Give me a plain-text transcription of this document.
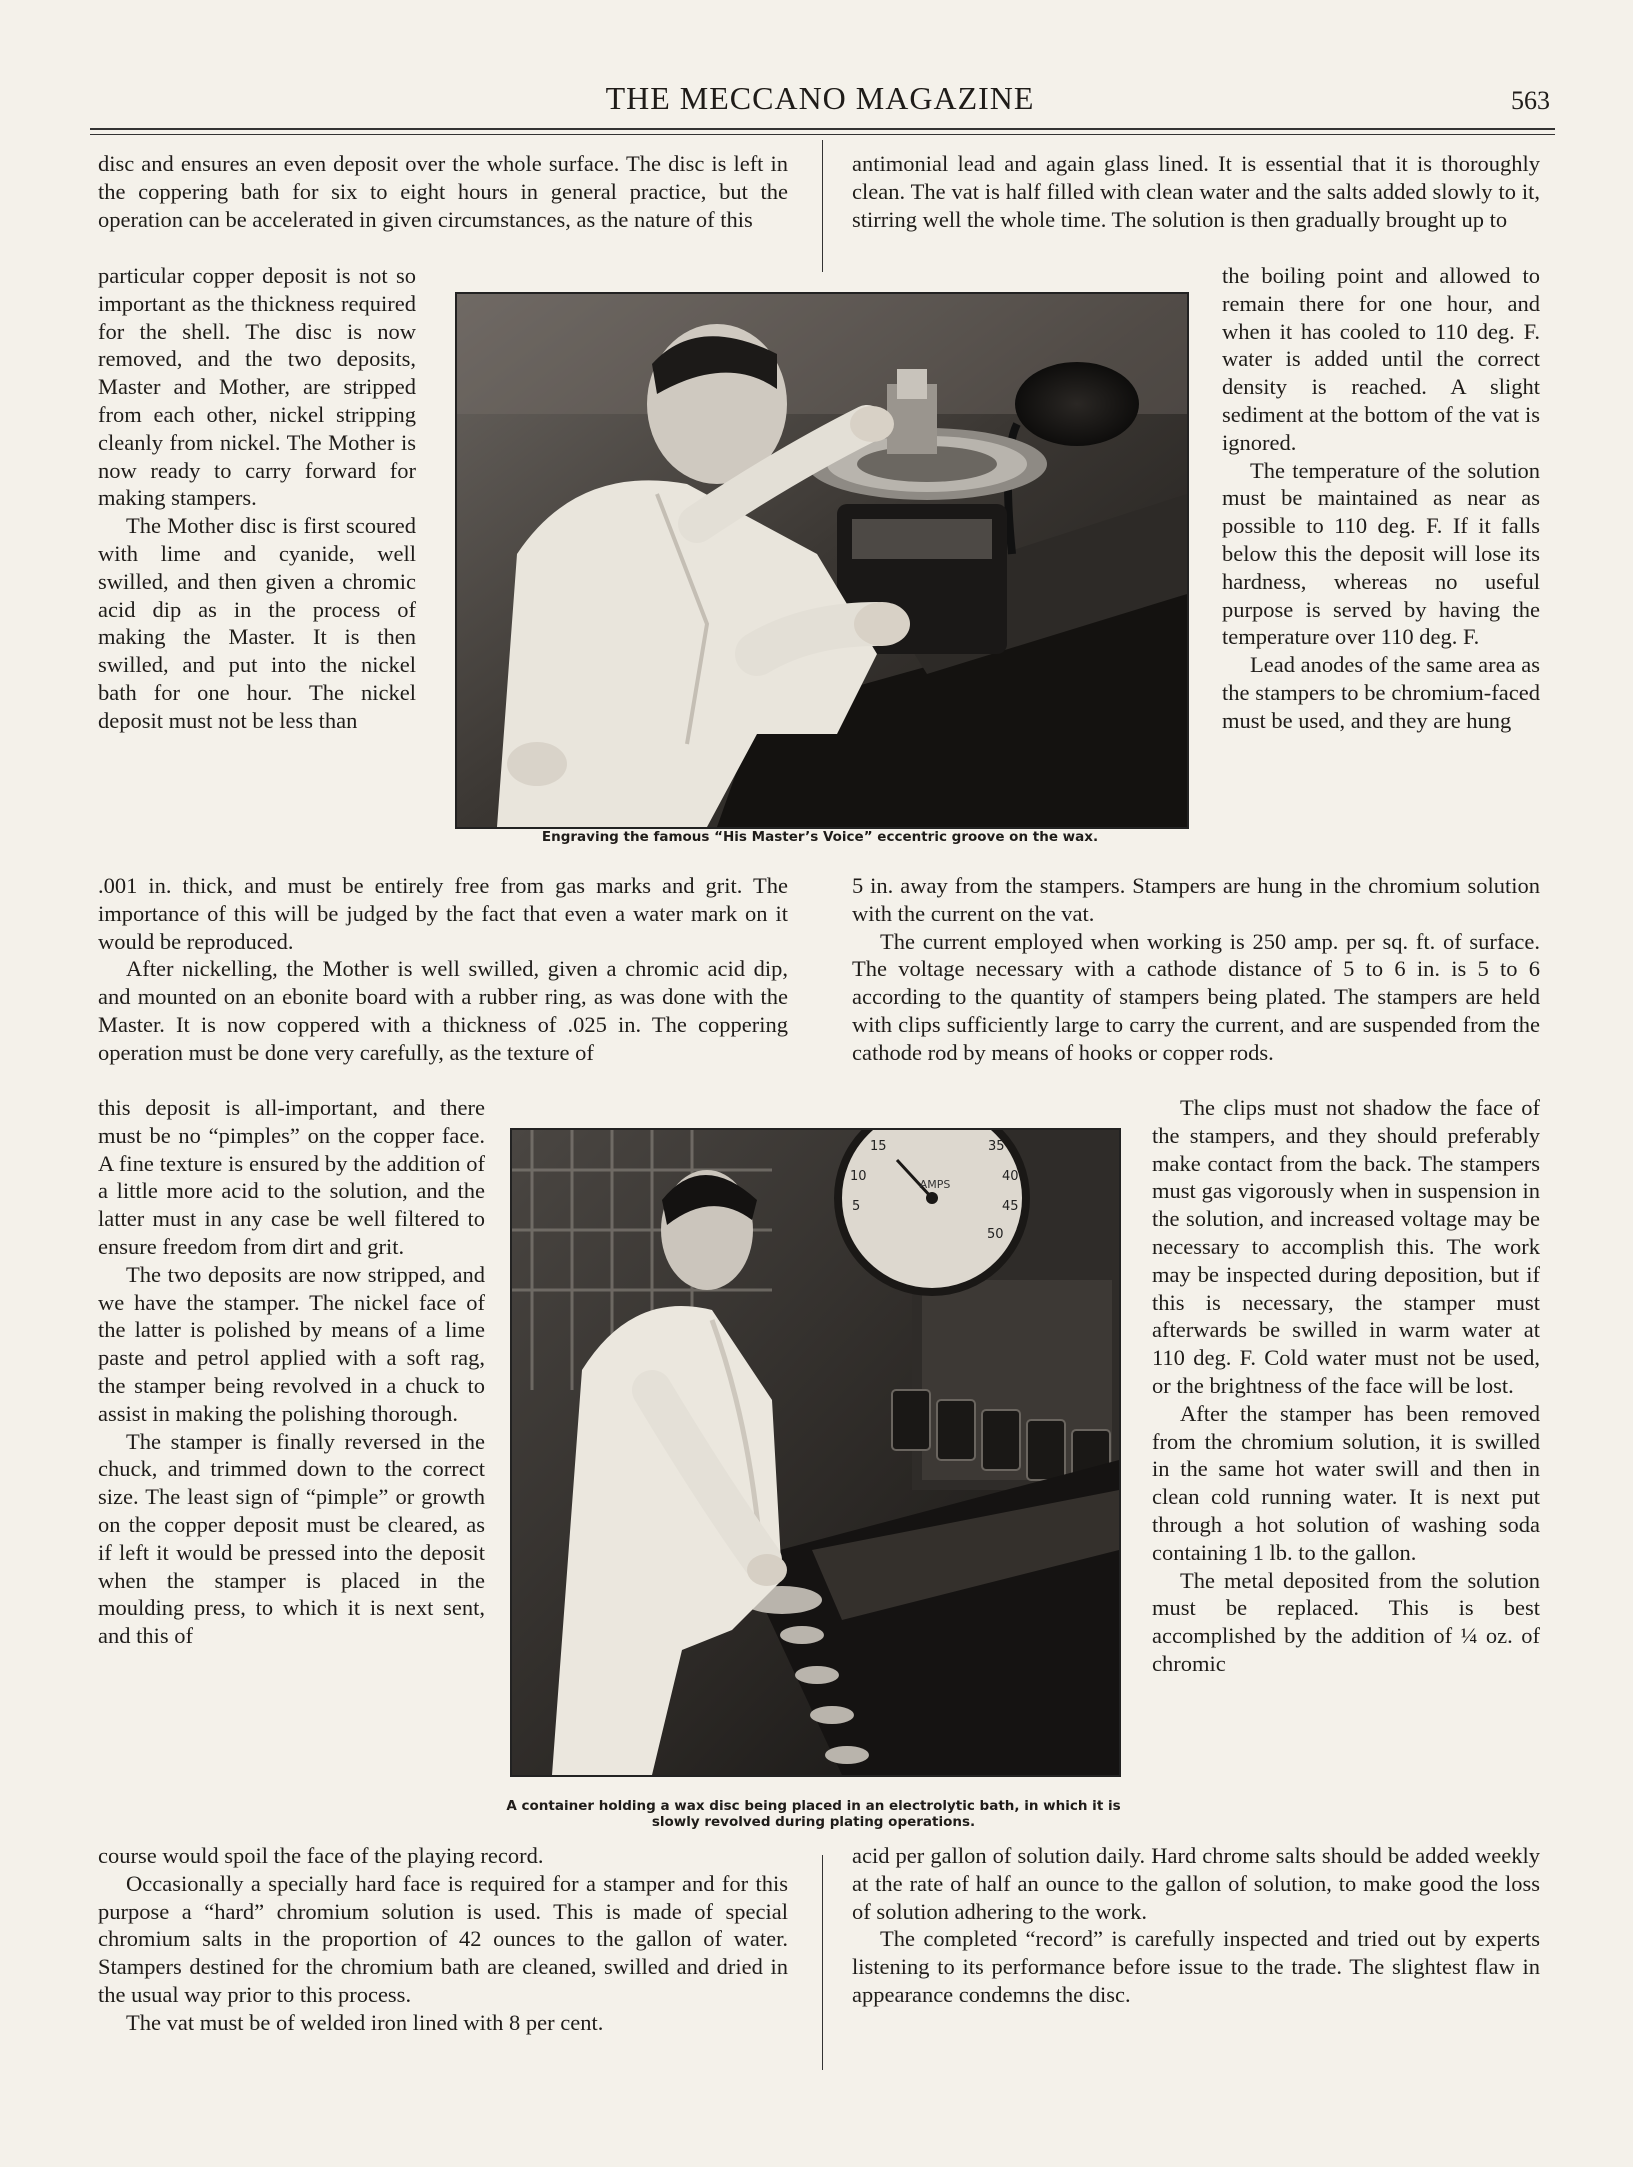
THE MECCANO MAGAZINE	563
disc and ensures an even deposit over the whole surface. The disc is left in the coppering bath for six to eight hours in general practice, but the operation can be accelerated in given circumstances, as the nature of this
particular copper deposit is not so important as the thickness required for the shell. The disc is now removed, and the two deposits, Master and Mother, are stripped from each other, nickel stripping cleanly from nickel. The Mother is now ready to carry forward for making stampers.
The Mother disc is first scoured with lime and cyanide, well swilled, and then given a chromic acid dip as in the process of making the Master. It is then swilled, and put into the nickel bath for one hour. The nickel deposit must not be less than
.001 in. thick, and must be entirely free from gas marks and grit. The importance of this will be judged by the fact that even a water mark on it would be reproduced.
After nickelling, the Mother is well swilled, given a chromic acid dip, and mounted on an ebonite board with a rubber ring, as was done with the Master. It is now coppered with a thickness of .025 in. The coppering operation must be done very carefully, as the texture of
this deposit is all-important, and there must be no “pimples” on the copper face. A fine texture is ensured by the addition of a little more acid to the solution, and the latter must in any case be well filtered to ensure freedom from dirt and grit.
The two deposits are now stripped, and we have the stamper. The nickel face of the latter is polished by means of a lime paste and petrol applied with a soft rag, the stamper being revolved in a chuck to assist in making the polishing thorough.
The stamper is finally reversed in the chuck, and trimmed down to the correct size. The least sign of “pimple” or growth on the copper deposit must be cleared, as if left it would be pressed into the deposit when the stamper is placed in the moulding press, to which it is next sent, and this of
course would spoil the face of the playing record.
Occasionally a specially hard face is required for a stamper and for this purpose a “hard” chromium solution is used. This is made of special chromium salts in the proportion of 42 ounces to the gallon of water. Stampers destined for the chromium bath are cleaned, swilled and dried in the usual way prior to this process.
The vat must be of welded iron lined with 8 per cent.
antimonial lead and again glass lined. It is essential that it is thoroughly clean. The vat is half filled with clean water and the salts added slowly to it, stirring well the whole time. The solution is then gradually brought up to
the boiling point and allowed to remain there for one hour, and when it has cooled to 110 deg. F. water is added until the correct density is reached. A slight sediment at the bottom of the vat is ignored.
The temperature of the solution must be maintained as near as possible to 110 deg. F. If it falls below this the deposit will lose its hardness, whereas no useful purpose is served by having the temperature over 110 deg. F.
Lead anodes of the same area as the stampers to be chromium-faced must be used, and they are hung
5 in. away from the stampers. Stampers are hung in the chromium solution with the current on the vat.
The current employed when working is 250 amp. per sq. ft. of surface. The voltage necessary with a cathode distance of 5 to 6 in. is 5 to 6 according to the quantity of stampers being plated. The stampers are held with clips sufficiently large to carry the current, and are suspended from the cathode rod by means of hooks or copper rods.
The clips must not shadow the face of the stampers, and they should preferably make contact from the back. The stampers must gas vigorously when in suspension in the solution, and increased voltage may be necessary to accomplish this. The work may be inspected during deposition, but if this is necessary, the stamper must afterwards be swilled in warm water at 110 deg. F. Cold water must not be used, or the brightness of the face will be lost.
After the stamper has been removed from the chromium solution, it is swilled in the same hot water swill and then in clean cold running water. It is next put through a hot solution of washing soda containing 1 lb. to the gallon.
The metal deposited from the solution must be replaced. This is best accomplished by the addition of ¼ oz. of chromic
acid per gallon of solution daily. Hard chrome salts should be added weekly at the rate of half an ounce to the gallon of solution, to make good the loss of solution adhering to the work.
The completed “record” is carefully inspected and tried out by experts listening to its performance before issue to the trade. The slightest flaw in appearance condemns the disc.
Engraving the famous “His Master’s Voice” eccentric groove on the wax.
AMPS
15
10
5
35
40
45
50
A container holding a wax disc being placed in an electrolytic bath, in which it is slowly revolved during plating operations.
